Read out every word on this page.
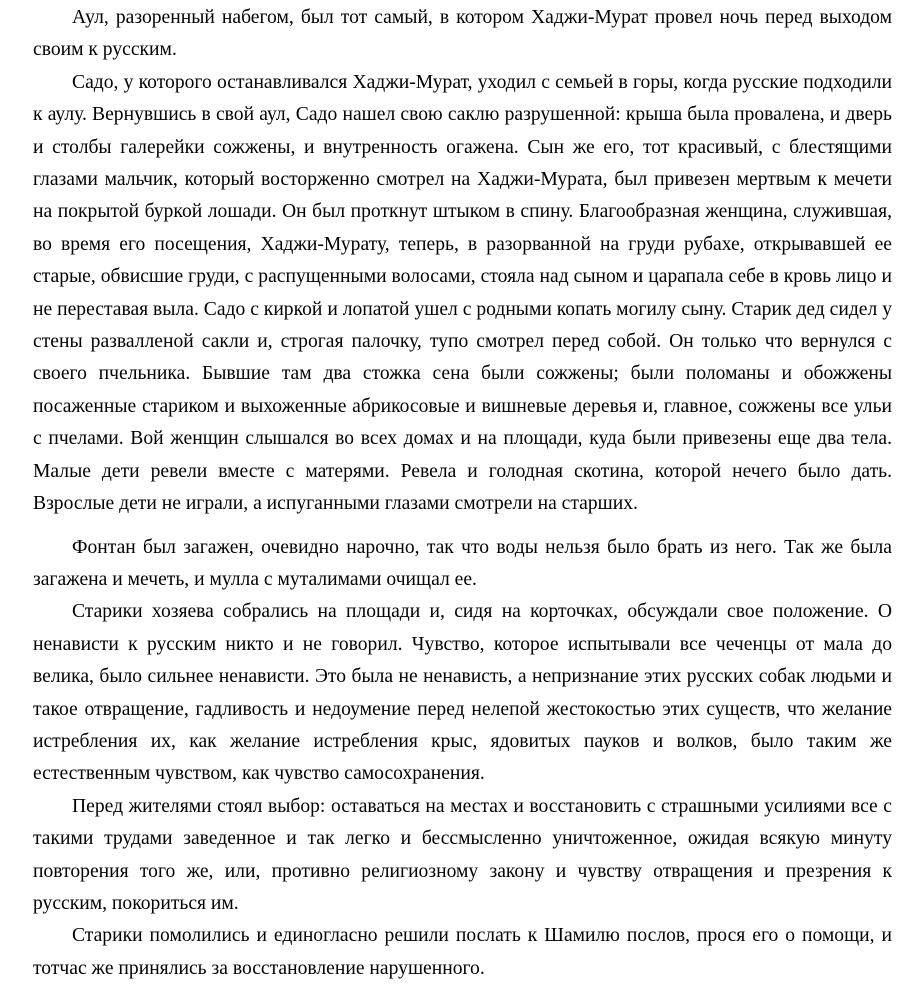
Аул, разоренный набегом, был тот самый, в котором Хаджи-Мурат провел ночь перед выходом своим к русским.

Садо, у которого останавливался Хаджи-Мурат, уходил с семьей в горы, когда русские подходили к аулу. Вернувшись в свой аул, Садо нашел свою саклю разрушенной: крыша была провалена, и дверь и столбы галерейки сожжены, и внутренность огажена. Сын же его, тот красивый, с блестящими глазами мальчик, который восторженно смотрел на Хаджи-Мурата, был привезен мертвым к мечети на покрытой буркой лошади. Он был проткнут штыком в спину. Благообразная женщина, служившая, во время его посещения, Хаджи-Мурату, теперь, в разорванной на груди рубахе, открывавшей ее старые, обвисшие груди, с распущенными волосами, стояла над сыном и царапала себе в кровь лицо и не переставая выла. Садо с киркой и лопатой ушел с родными копать могилу сыну. Старик дед сидел у стены развалленой сакли и, строгая палочку, тупо смотрел перед собой. Он только что вернулся с своего пчельника. Бывшие там два стожка сена были сожжены; были поломаны и обожжены посаженные стариком и выхоженные абрикосовые и вишневые деревья и, главное, сожжены все ульи с пчелами. Вой женщин слышался во всех домах и на площади, куда были привезены еще два тела. Малые дети ревели вместе с матерями. Ревела и голодная скотина, которой нечего было дать. Взрослые дети не играли, а испуганными глазами смотрели на старших.

Фонтан был загажен, очевидно нарочно, так что воды нельзя было брать из него. Так же была загажена и мечеть, и мулла с муталимами очищал ее.

Старики хозяева собрались на площади и, сидя на корточках, обсуждали свое положение. О ненависти к русским никто и не говорил. Чувство, которое испытывали все чеченцы от мала до велика, было сильнее ненависти. Это была не ненависть, а непризнание этих русских собак людьми и такое отвращение, гадливость и недоумение перед нелепой жестокостью этих существ, что желание истребления их, как желание истребления крыс, ядовитых пауков и волков, было таким же естественным чувством, как чувство самосохранения.

Перед жителями стоял выбор: оставаться на местах и восстановить с страшными усилиями все с такими трудами заведенное и так легко и бессмысленно уничтоженное, ожидая всякую минуту повторения того же, или, противно религиозному закону и чувству отвращения и презрения к русским, покориться им.

Старики помолились и единогласно решили послать к Шамилю послов, прося его о помощи, и тотчас же принялись за восстановление нарушенного.
